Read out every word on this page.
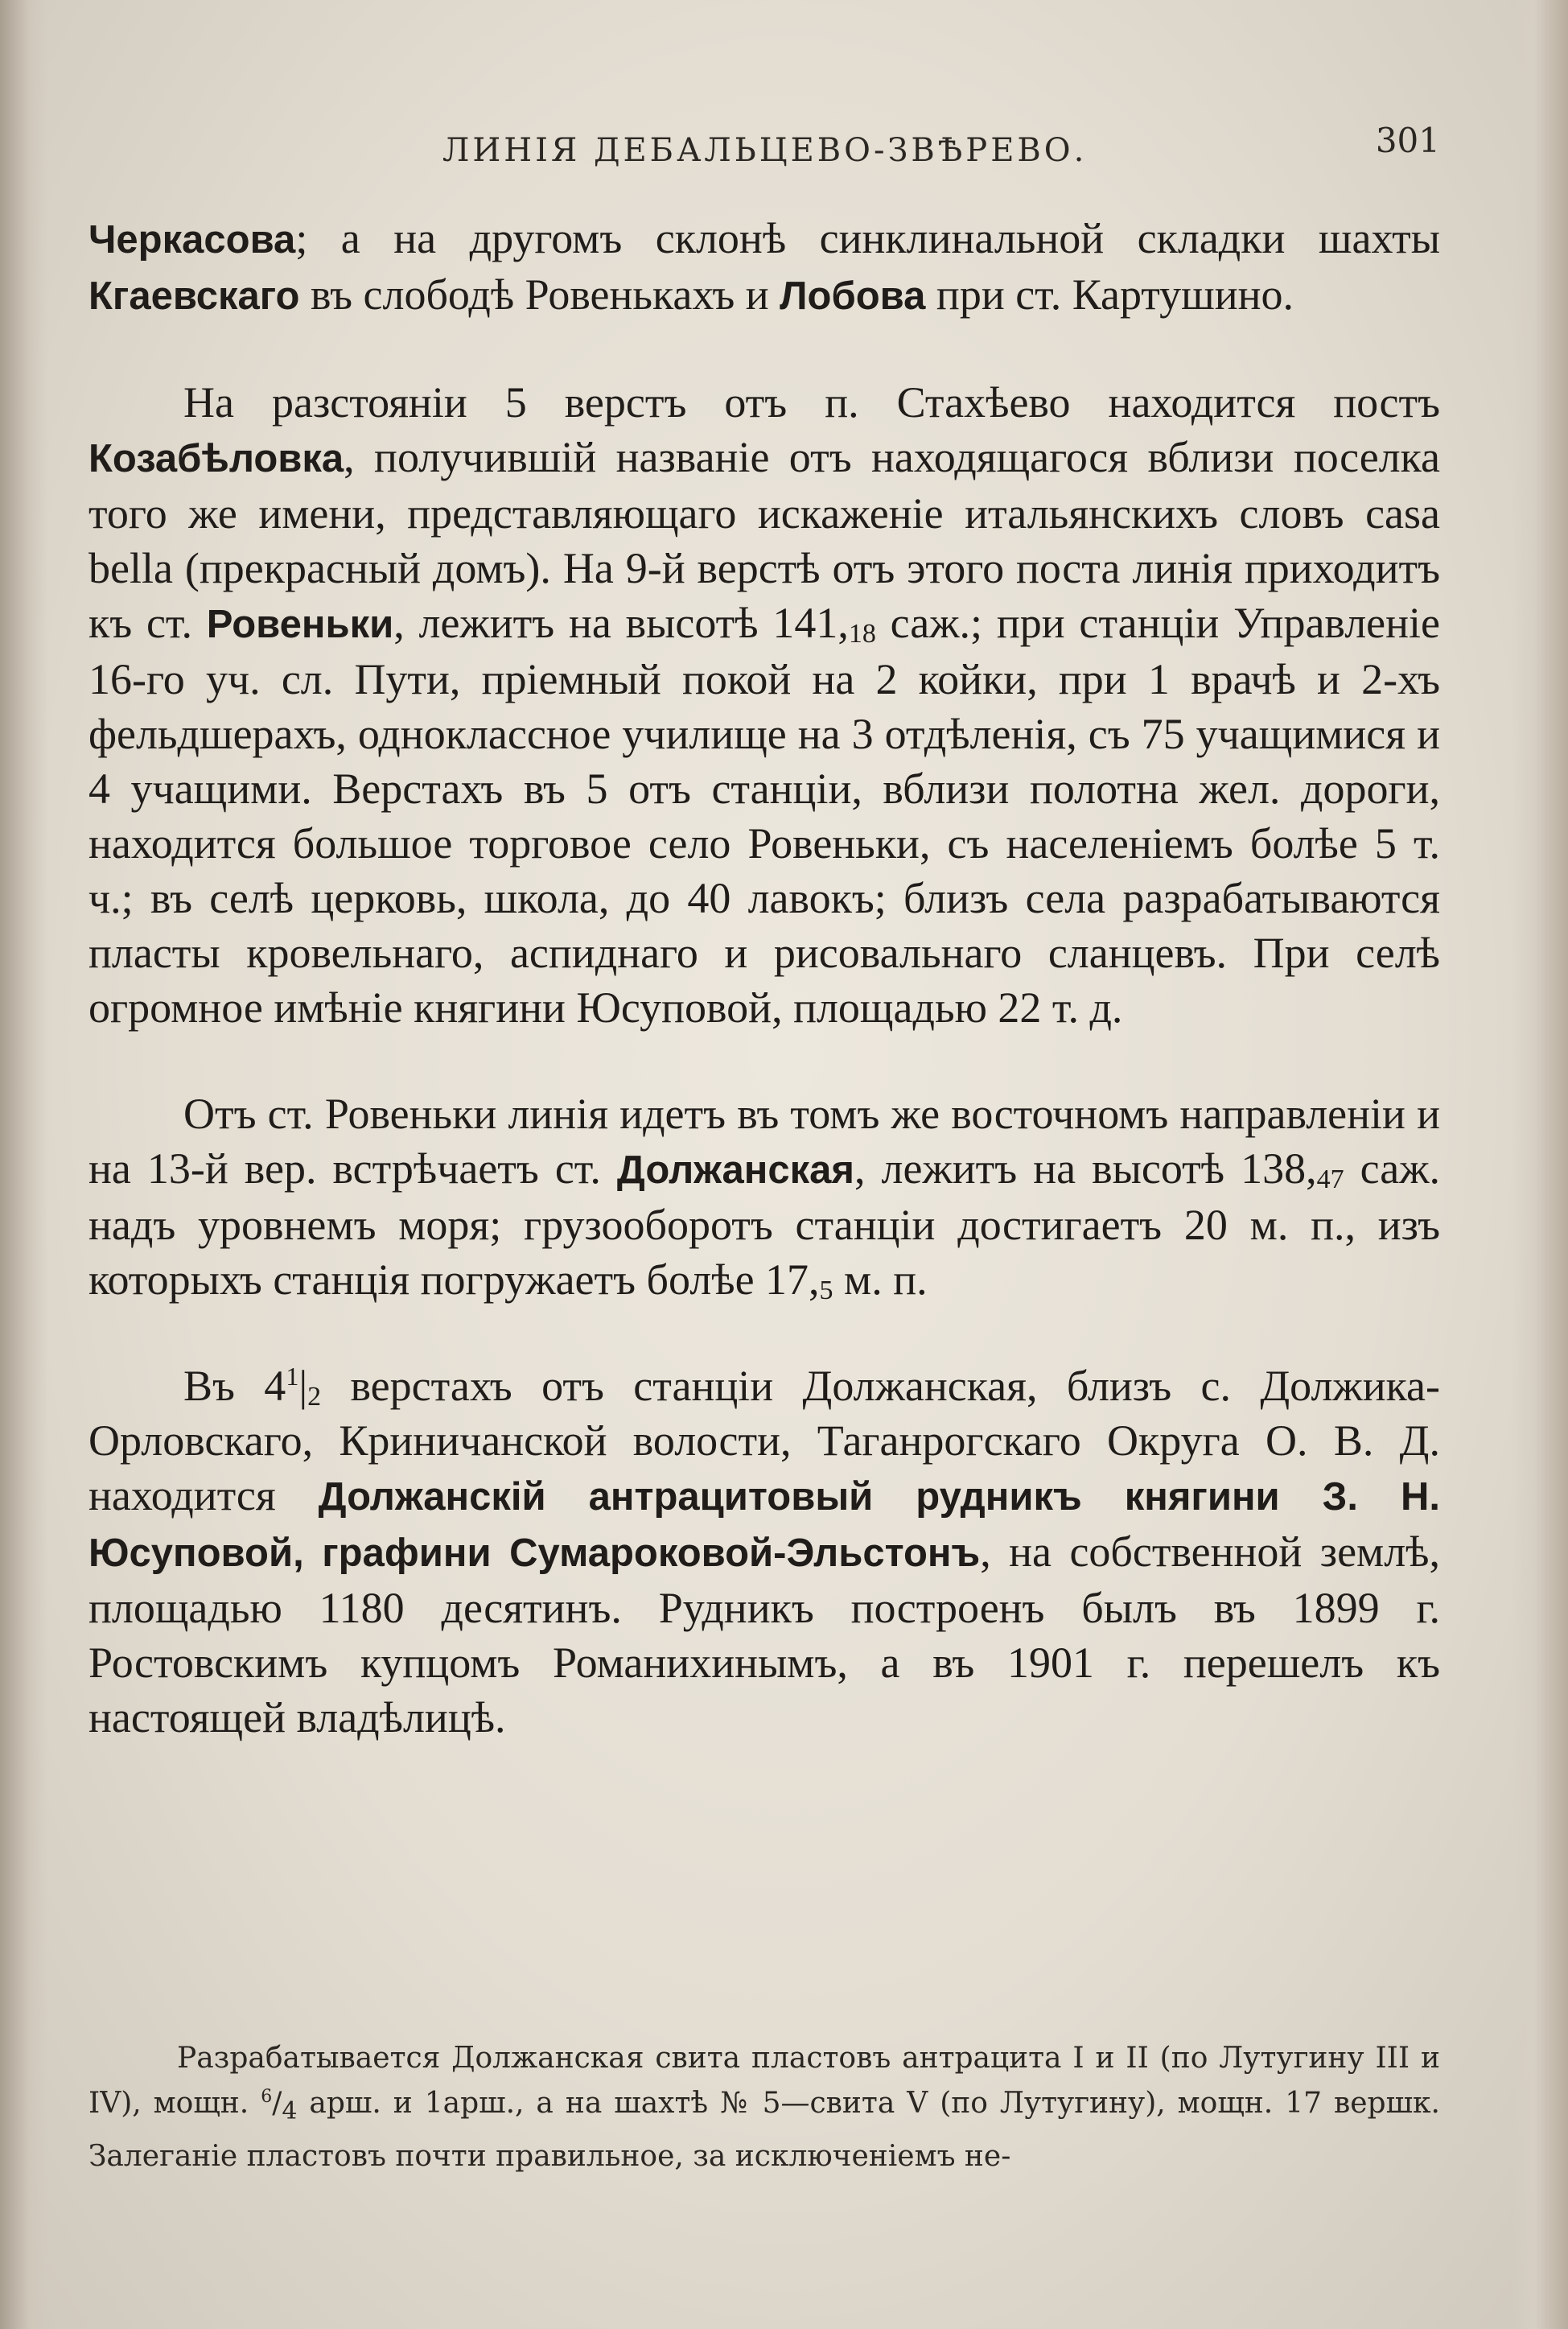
ЛИНІЯ ДЕБАЛЬЦЕВО-ЗВѢРЕВО.	301

Черкасова; а на другомъ склонѣ синклинальной складки шахты Кгаевскаго въ слободѣ Ровенькахъ и Лобова при ст. Картушино.

На разстояніи 5 верстъ отъ п. Стахѣево находится постъ Козабѣловка, получившій названіе отъ находящагося вблизи поселка того же имени, представляющаго искаженіе итальянскихъ словъ casa bella (прекрасный домъ). На 9-й верстѣ отъ этого поста линія приходитъ къ ст. Ровеньки, лежитъ на высотѣ $141,_{18}$ саж.; при станціи Управленіе 16-го уч. сл. Пути, пріемный покой на 2 койки, при 1 врачѣ и 2-хъ фельдшерахъ, одноклассное училище на 3 отдѣленія, съ 75 учащимися и 4 учащими. Верстахъ въ 5 отъ станціи, вблизи полотна жел. дороги, находится большое торговое село Ровеньки, съ населеніемъ болѣе 5 т. ч.; въ селѣ церковь, школа, до 40 лавокъ; близъ села разрабатываются пласты кровельнаго, аспиднаго и рисовальнаго сланцевъ. При селѣ огромное имѣніе княгини Юсуповой, площадью 22 т. д.

Отъ ст. Ровеньки линія идетъ въ томъ же восточномъ направленіи и на 13-й вер. встрѣчаетъ ст. Должанская, лежитъ на высотѣ $138,_{47}$ саж. надъ уровнемъ моря; грузооборотъ станціи достигаетъ 20 м. п., изъ которыхъ станція погружаетъ болѣе $17,_5$ м. п.

Въ $4^1|_2$ верстахъ отъ станціи Должанская, близъ с. Должика-Орловскаго, Криничанской волости, Таганрогскаго Округа О. В. Д. находится Должанскій антрацитовый рудникъ княгини З. Н. Юсуповой, графини Сумароковой-Эльстонъ, на собственной землѣ, площадью 1180 десятинъ. Рудникъ построенъ былъ въ 1899 г. Ростовскимъ купцомъ Романихинымъ, а въ 1901 г. перешелъ къ настоящей владѣлицѣ.

Разрабатывается Должанская свита пластовъ антрацита I и II (по Лутугину III и IV), мощн. $^6/_4$ арш. и 1арш., а на шахтѣ № 5—свита V (по Лутугину), мощн. 17 вершк. Залеганіе пластовъ почти правильное, за исключеніемъ не-
